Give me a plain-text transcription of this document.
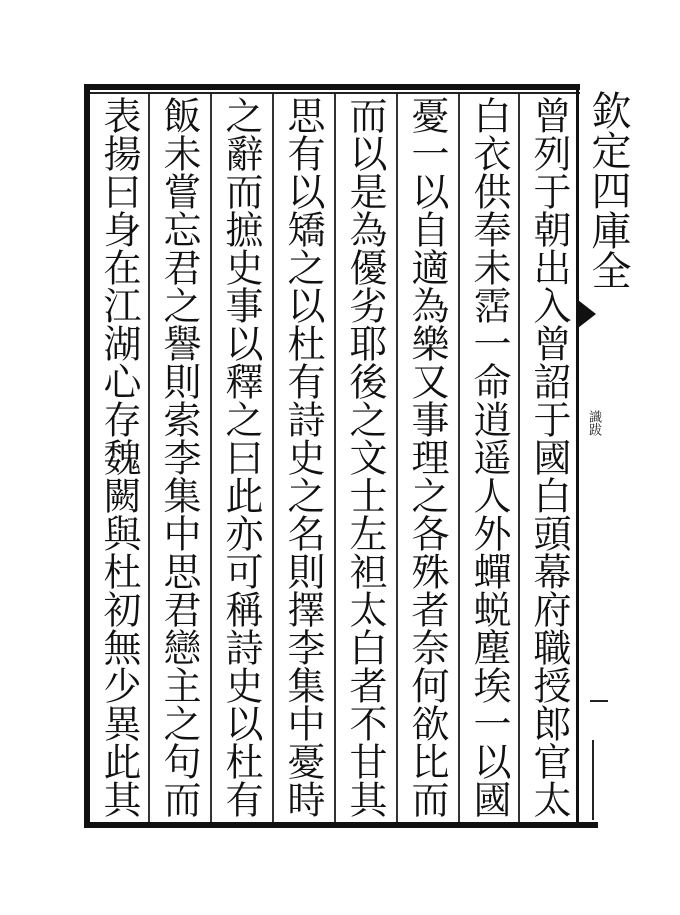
曾列于朝出入曾詔于國白頭幕府職授郎官太
白衣供奉未霑一命逍遥人外蟬蜕塵埃一以國
憂一以自適為樂又事理之各殊者奈何欲比而
而以是為優劣耶後之文士左袒太白者不甘其
思有以矯之以杜有詩史之名則擇李集中憂時
之辭而摭史事以釋之曰此亦可稱詩史以杜有
飯未嘗忘君之譽則索李集中思君戀主之句而
表揚曰身在江湖心存魏闕與杜初無少異此其
欽定四庫全
識跋
